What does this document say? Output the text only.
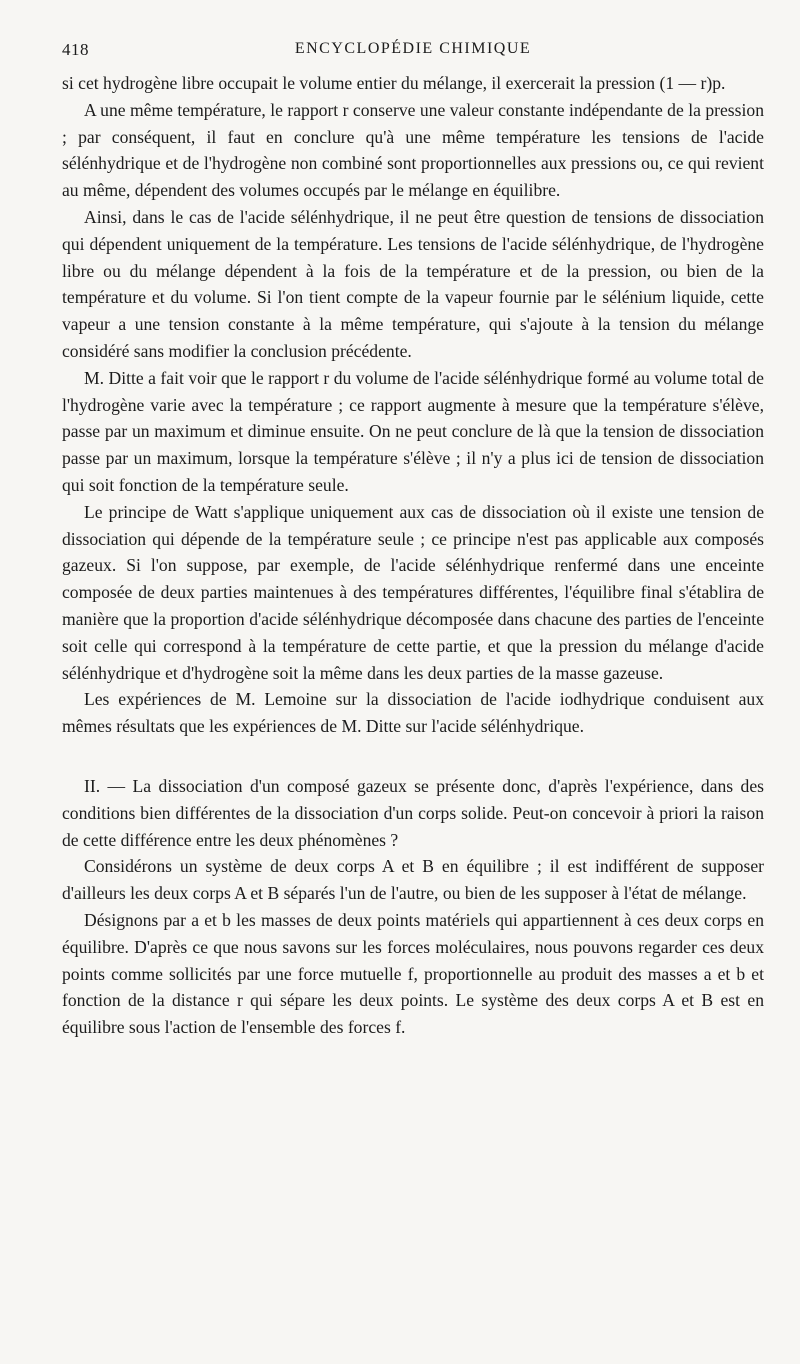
418	ENCYCLOPÉDIE CHIMIQUE

si cet hydrogène libre occupait le volume entier du mélange, il exercerait la pression (1 — r)p.

A une même température, le rapport r conserve une valeur constante indépendante de la pression ; par conséquent, il faut en conclure qu'à une même température les tensions de l'acide sélénhydrique et de l'hydrogène non combiné sont proportionnelles aux pressions ou, ce qui revient au même, dépendent des volumes occupés par le mélange en équilibre.

Ainsi, dans le cas de l'acide sélénhydrique, il ne peut être question de tensions de dissociation qui dépendent uniquement de la température. Les tensions de l'acide sélénhydrique, de l'hydrogène libre ou du mélange dépendent à la fois de la température et de la pression, ou bien de la température et du volume. Si l'on tient compte de la vapeur fournie par le sélénium liquide, cette vapeur a une tension constante à la même température, qui s'ajoute à la tension du mélange considéré sans modifier la conclusion précédente.

M. Ditte a fait voir que le rapport r du volume de l'acide sélénhydrique formé au volume total de l'hydrogène varie avec la température ; ce rapport augmente à mesure que la température s'élève, passe par un maximum et diminue ensuite. On ne peut conclure de là que la tension de dissociation passe par un maximum, lorsque la température s'élève ; il n'y a plus ici de tension de dissociation qui soit fonction de la température seule.

Le principe de Watt s'applique uniquement aux cas de dissociation où il existe une tension de dissociation qui dépende de la température seule ; ce principe n'est pas applicable aux composés gazeux. Si l'on suppose, par exemple, de l'acide sélénhydrique renfermé dans une enceinte composée de deux parties maintenues à des températures différentes, l'équilibre final s'établira de manière que la proportion d'acide sélénhydrique décomposée dans chacune des parties de l'enceinte soit celle qui correspond à la température de cette partie, et que la pression du mélange d'acide sélénhydrique et d'hydrogène soit la même dans les deux parties de la masse gazeuse.

Les expériences de M. Lemoine sur la dissociation de l'acide iodhydrique conduisent aux mêmes résultats que les expériences de M. Ditte sur l'acide sélénhydrique.

II. — La dissociation d'un composé gazeux se présente donc, d'après l'expérience, dans des conditions bien différentes de la dissociation d'un corps solide. Peut-on concevoir à priori la raison de cette différence entre les deux phénomènes ?

Considérons un système de deux corps A et B en équilibre ; il est indifférent de supposer d'ailleurs les deux corps A et B séparés l'un de l'autre, ou bien de les supposer à l'état de mélange.

Désignons par a et b les masses de deux points matériels qui appartiennent à ces deux corps en équilibre. D'après ce que nous savons sur les forces moléculaires, nous pouvons regarder ces deux points comme sollicités par une force mutuelle f, proportionnelle au produit des masses a et b et fonction de la distance r qui sépare les deux points. Le système des deux corps A et B est en équilibre sous l'action de l'ensemble des forces f.
